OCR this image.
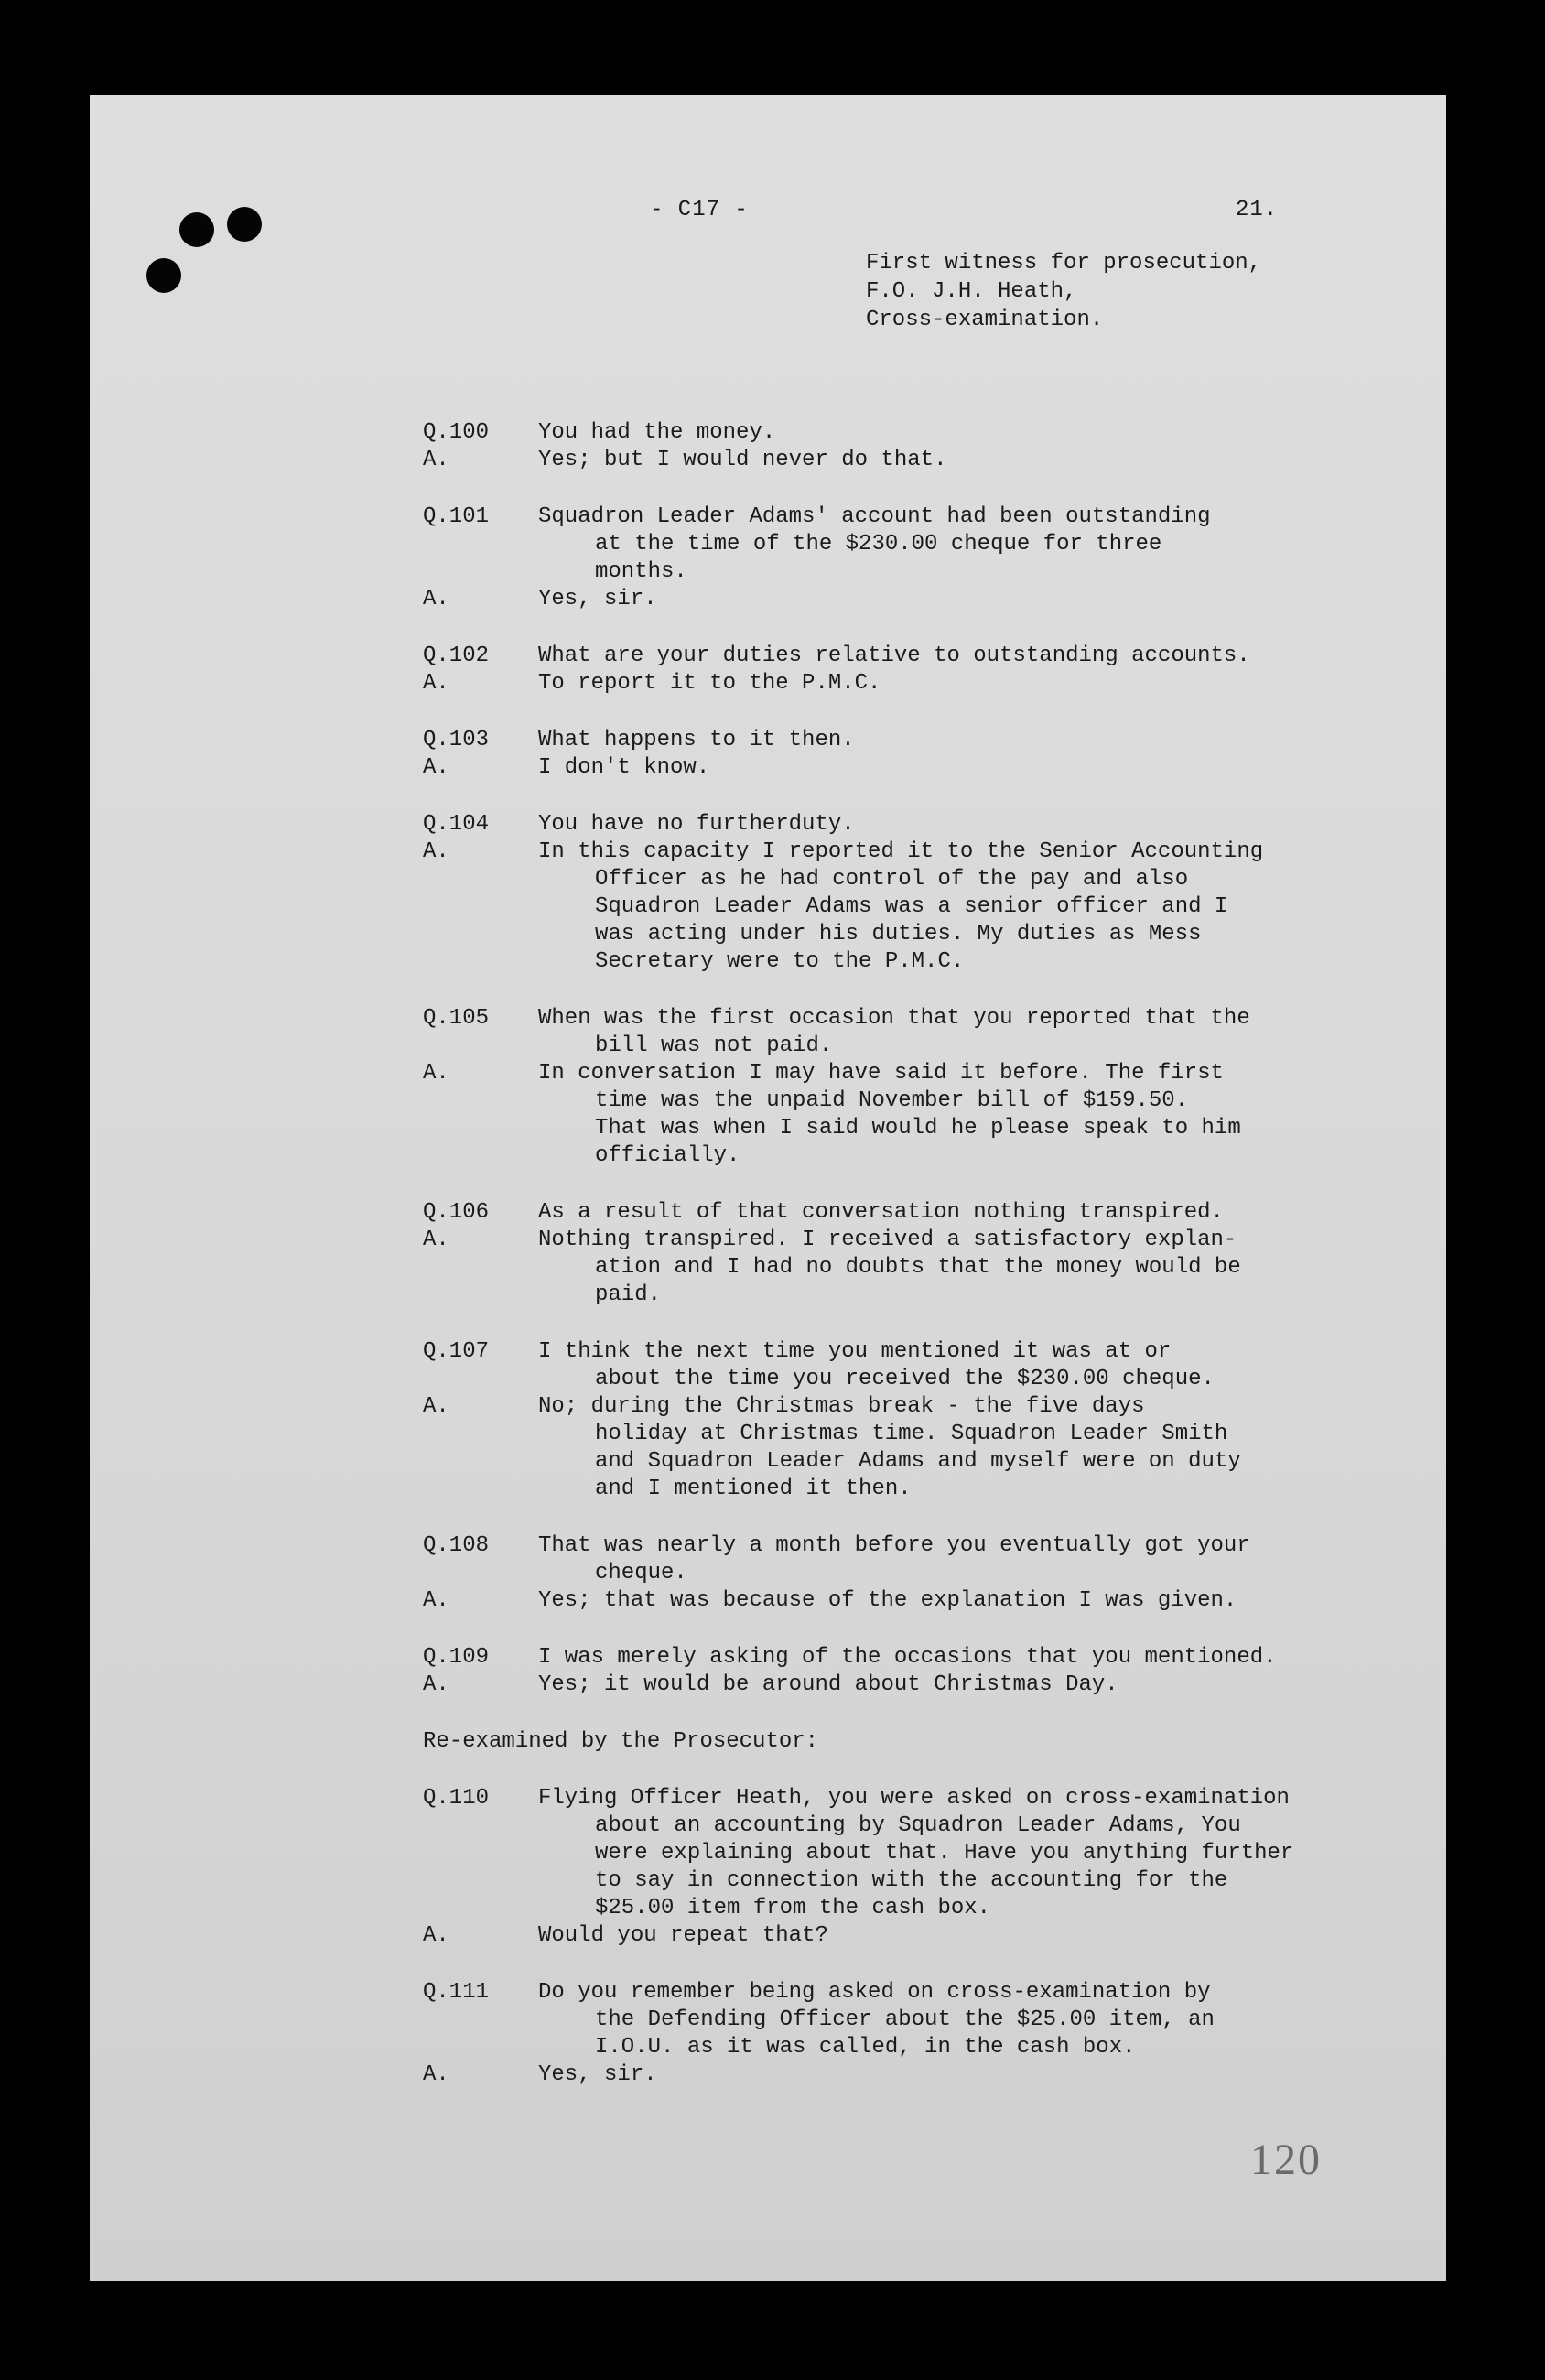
- C17 -	21.
First witness for prosecution,
F.O. J.H. Heath,
Cross-examination.
Q.100 You had the money.
A.	Yes; but I would never do that.
Q.101 Squadron Leader Adams' account had been outstanding
at the time of the $230.00 cheque for three
months.
A.	Yes, sir.
Q.102 What are your duties relative to outstanding accounts.
A.	To report it to the P.M.C.
Q.103 What happens to it then.
A.	I don't know.
Q.104 You have no furtherduty.
A.	In this capacity I reported it to the Senior Accounting
Officer as he had control of the pay and also
Squadron Leader Adams was a senior officer and I
was acting under his duties. My duties as Mess
Secretary were to the P.M.C.
Q.105 When was the first occasion that you reported that the
bill was not paid.
A.	In conversation I may have said it before. The first
time was the unpaid November bill of $159.50.
That was when I said would he please speak to him
officially.
Q.106 As a result of that conversation nothing transpired.
A.	Nothing transpired. I received a satisfactory explan-
ation and I had no doubts that the money would be
paid.
Q.107 I think the next time you mentioned it was at or
about the time you received the $230.00 cheque.
A.	No; during the Christmas break - the five days
holiday at Christmas time. Squadron Leader Smith
and Squadron Leader Adams and myself were on duty
and I mentioned it then.
Q.108 That was nearly a month before you eventually got your
cheque.
A.	Yes; that was because of the explanation I was given.
Q.109 I was merely asking of the occasions that you mentioned.
A.	Yes; it would be around about Christmas Day.
Re-examined by the Prosecutor:
Q.110 Flying Officer Heath, you were asked on cross-examination
about an accounting by Squadron Leader Adams, You
were explaining about that. Have you anything further
to say in connection with the accounting for the
$25.00 item from the cash box.
A.	Would you repeat that?
Q.111 Do you remember being asked on cross-examination by
the Defending Officer about the $25.00 item, an
I.O.U. as it was called, in the cash box.
A.	Yes, sir.
120
